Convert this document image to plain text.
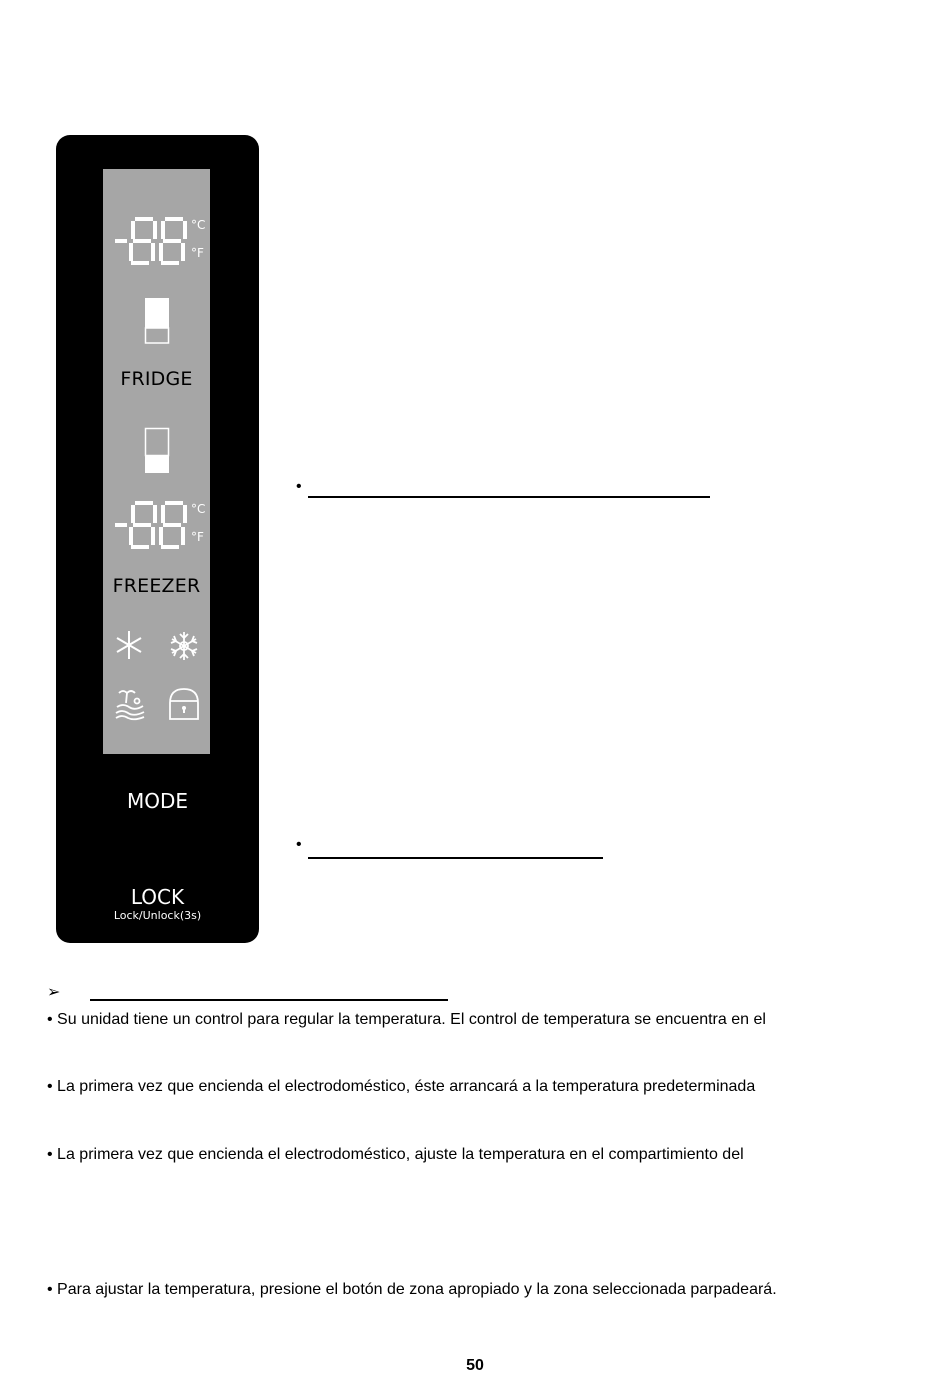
°C
°F
FRIDGE
°C
°F
FREEZER
MODE
LOCK
Lock/Unlock(3s)
•
•
➢
• Su unidad tiene un control para regular la temperatura. El control de temperatura se encuentra en el
• La primera vez que encienda el electrodoméstico, éste arrancará a la temperatura predeterminada
• La primera vez que encienda el electrodoméstico, ajuste la temperatura en el compartimiento del
• Para ajustar la temperatura, presione el botón de zona apropiado y la zona seleccionada parpadeará.
50
